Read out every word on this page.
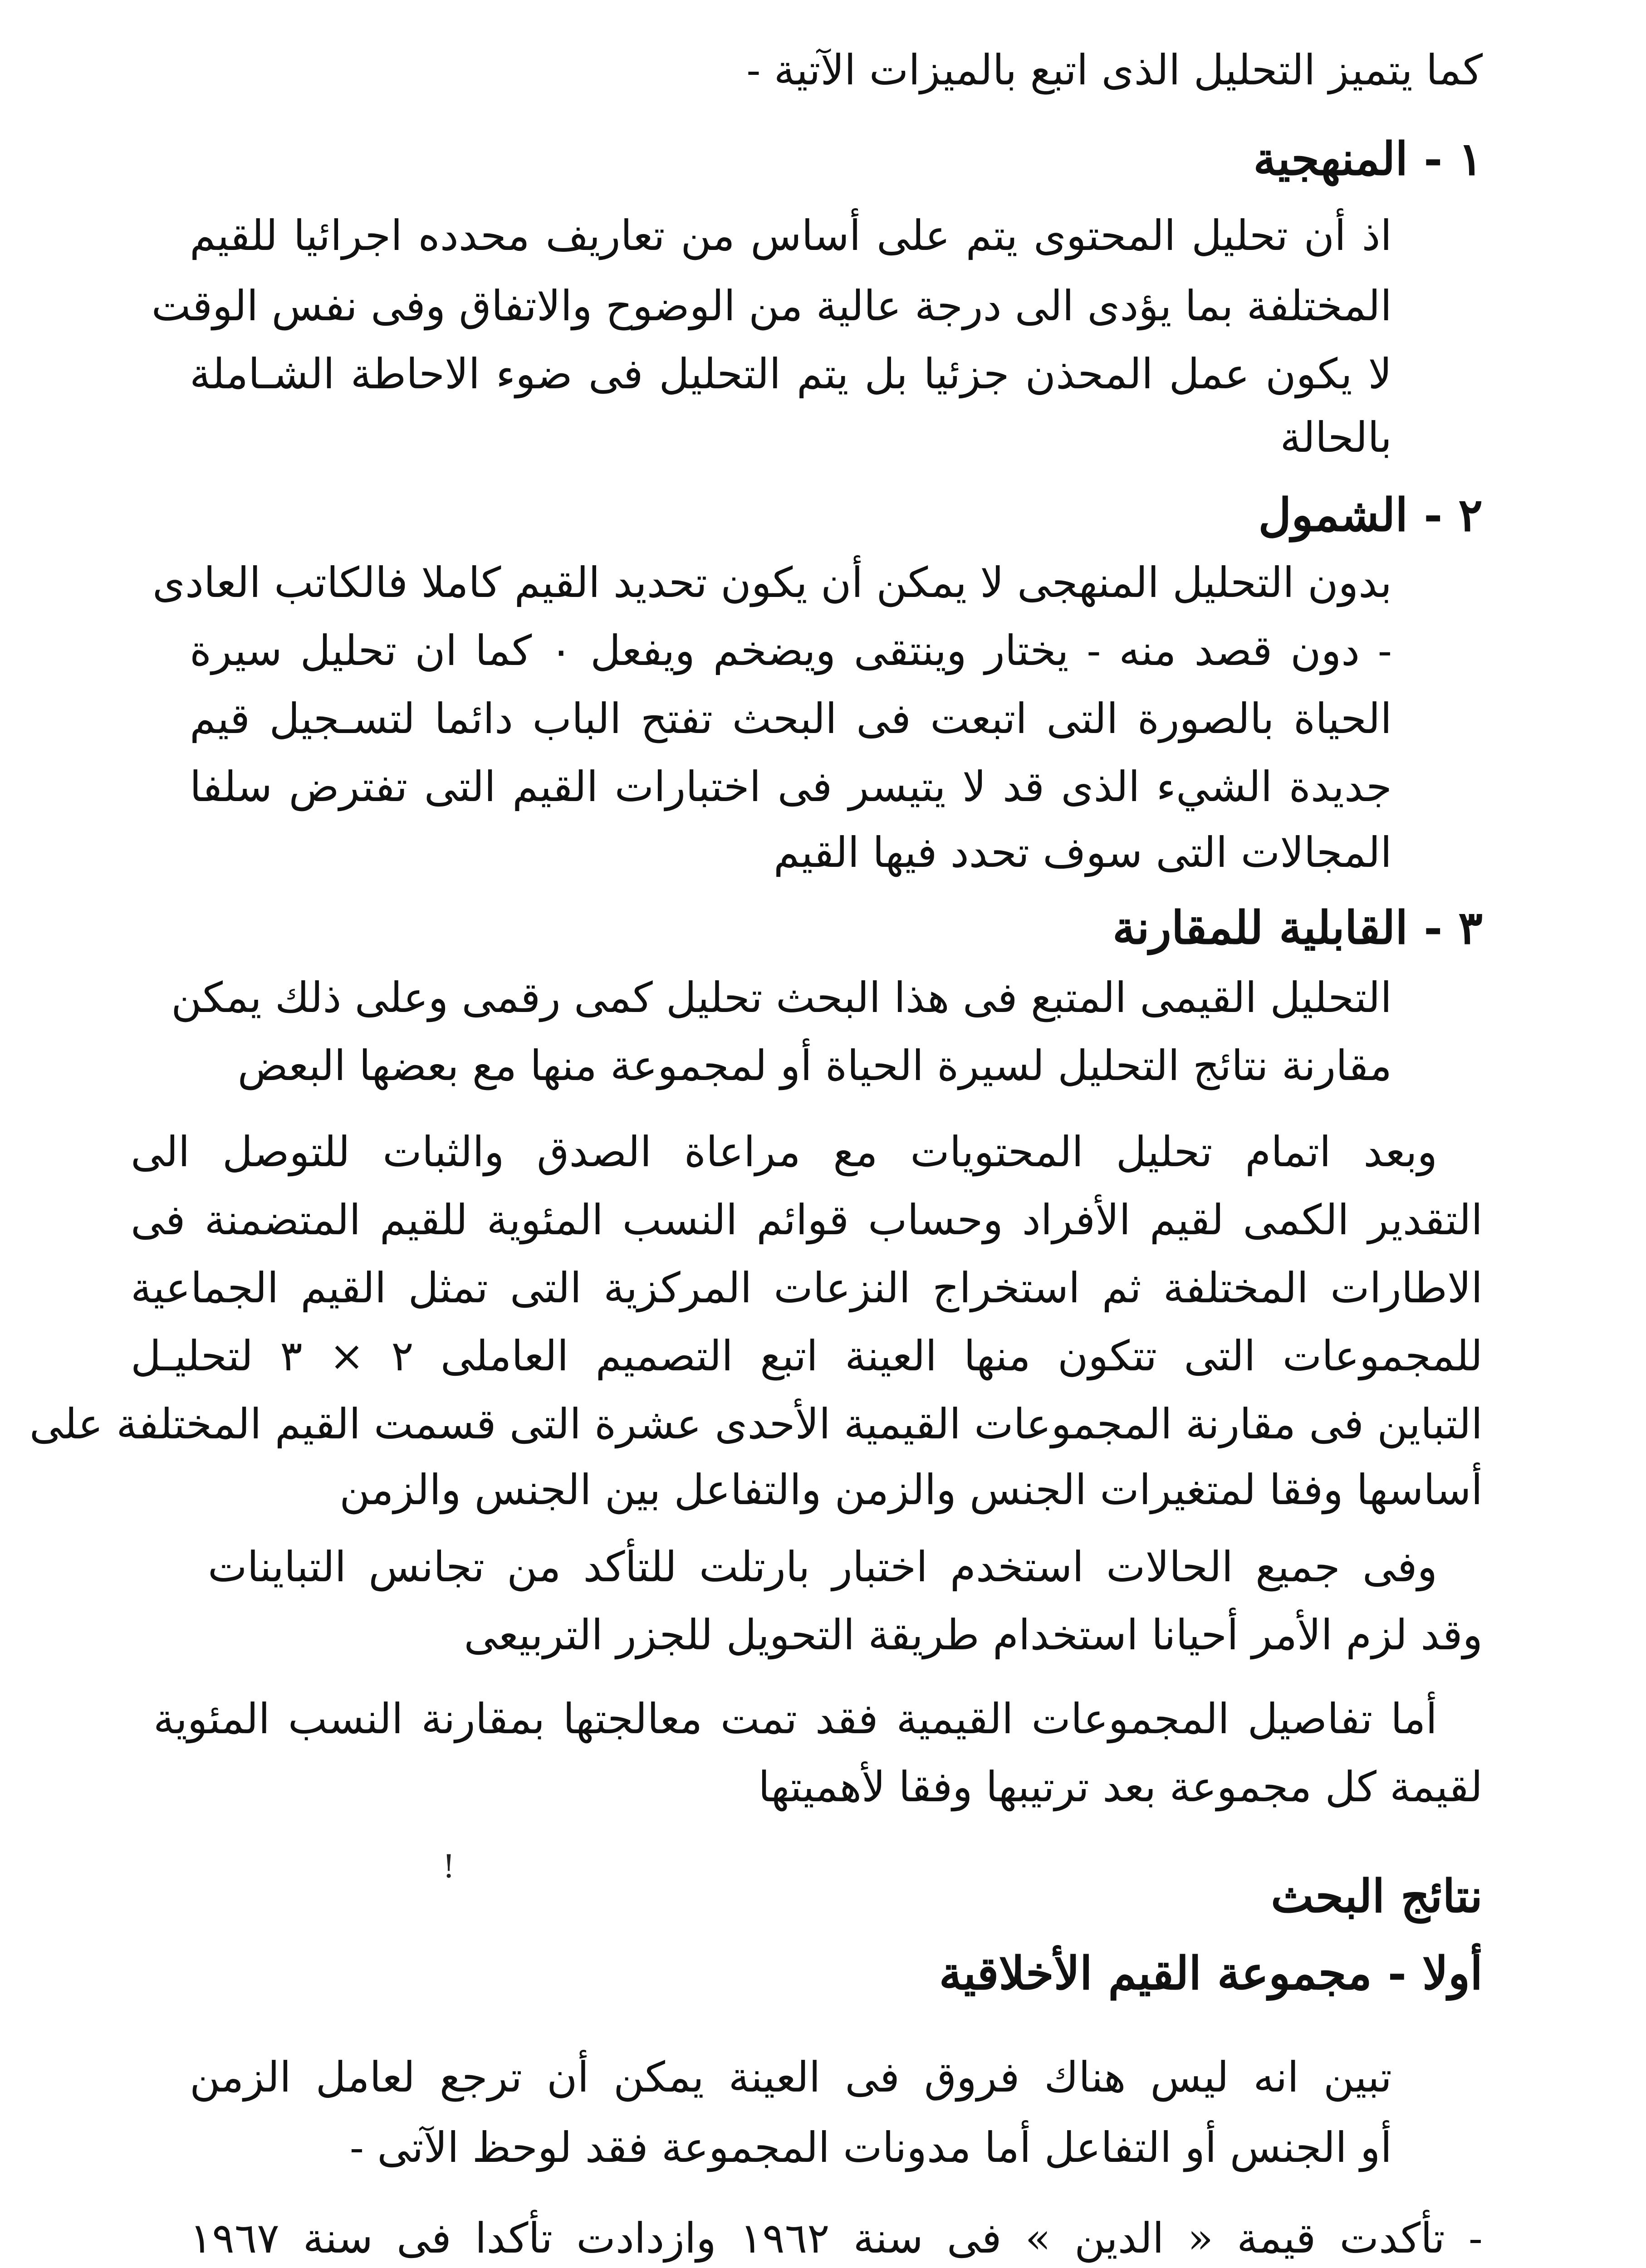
كما يتميز التحليل الذى اتبع بالميزات الآتية -
١ - المنهجية
اذ أن تحليل المحتوى يتم على أساس من تعاريف محدده اجرائيا للقيم
المختلفة بما يؤدى الى درجة عالية من الوضوح والاتفاق وفى نفس الوقت
لا يكون عمل المحذن جزئيا بل يتم التحليل فى ضوء الاحاطة الشـاملة
بالحالة
٢ - الشمول
بدون التحليل المنهجى لا يمكن أن يكون تحديد القيم كاملا فالكاتب العادى
- دون قصد منه - يختار وينتقى ويضخم ويفعل ٠ كما ان تحليل سيرة
الحياة بالصورة التى اتبعت فى البحث تفتح الباب دائما لتسـجيل قيم
جديدة الشيء الذى قد لا يتيسر فى اختبارات القيم التى تفترض سلفا
المجالات التى سوف تحدد فيها القيم
٣ - القابلية للمقارنة
التحليل القيمى المتبع فى هذا البحث تحليل كمى رقمى وعلى ذلك يمكن
مقارنة نتائج التحليل لسيرة الحياة أو لمجموعة منها مع بعضها البعض
وبعد اتمام تحليل المحتويات مع مراعاة الصدق والثبات للتوصل الى
التقدير الكمى لقيم الأفراد وحساب قوائم النسب المئوية للقيم المتضمنة فى
الاطارات المختلفة ثم استخراج النزعات المركزية التى تمثل القيم الجماعية
للمجموعات التى تتكون منها العينة اتبع التصميم العاملى ٢ × ٣ لتحليـل
التباين فى مقارنة المجموعات القيمية الأحدى عشرة التى قسمت القيم المختلفة على
أساسها وفقا لمتغيرات الجنس والزمن والتفاعل بين الجنس والزمن
وفى جميع الحالات استخدم اختبار بارتلت للتأكد من تجانس التباينات
وقد لزم الأمر أحيانا استخدام طريقة التحويل للجزر التربيعى
أما تفاصيل المجموعات القيمية فقد تمت معالجتها بمقارنة النسب المئوية
لقيمة كل مجموعة بعد ترتيبها وفقا لأهميتها
!
نتائج البحث
أولا - مجموعة القيم الأخلاقية
تبين انه ليس هناك فروق فى العينة يمكن أن ترجع لعامل الزمن
أو الجنس أو التفاعل أما مدونات المجموعة فقد لوحظ الآتى -
- تأكدت قيمة « الدين » فى سنة ١٩٦٢ وازدادت تأكدا فى سنة ١٩٦٧
